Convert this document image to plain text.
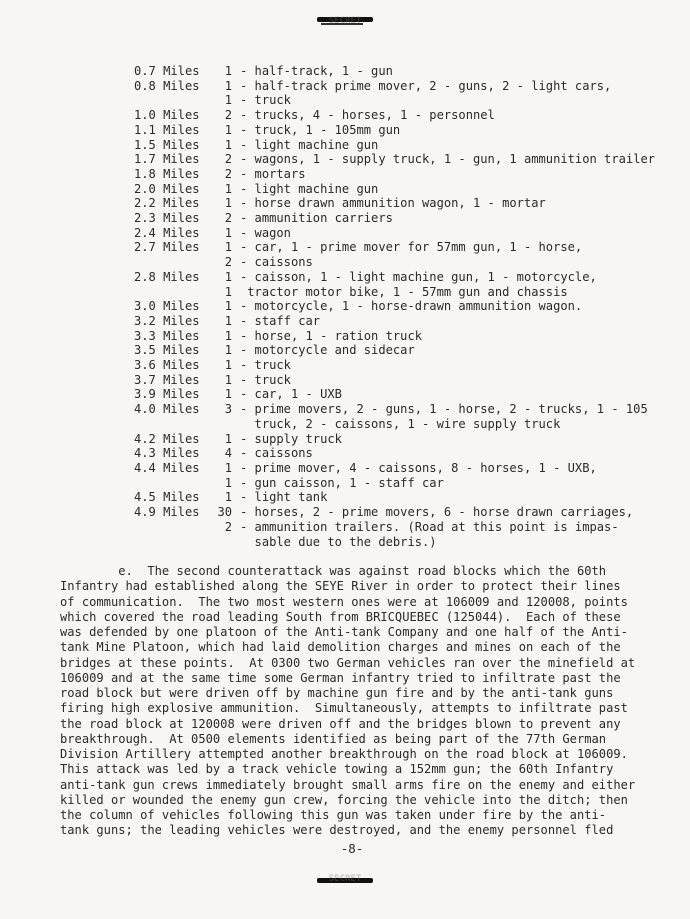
SECRET
0.7 Miles	1 - half-track, 1 - gun
0.8 Miles	1 - half-track prime mover, 2 - guns, 2 - light cars,
1 - truck
1.0 Miles	2 - trucks, 4 - horses, 1 - personnel
1.1 Miles	1 - truck, 1 - 105mm gun
1.5 Miles	1 - light machine gun
1.7 Miles	2 - wagons, 1 - supply truck, 1 - gun, 1 ammunition trailer
1.8 Miles	2 - mortars
2.0 Miles	1 - light machine gun
2.2 Miles	1 - horse drawn ammunition wagon, 1 - mortar
2.3 Miles	2 - ammunition carriers
2.4 Miles	1 - wagon
2.7 Miles	1 - car, 1 - prime mover for 57mm gun, 1 - horse,
2 - caissons
2.8 Miles	1 - caisson, 1 - light machine gun, 1 - motorcycle,
1 tractor motor bike, 1 - 57mm gun and chassis
3.0 Miles	1 - motorcycle, 1 - horse-drawn ammunition wagon.
3.2 Miles	1 - staff car
3.3 Miles	1 - horse, 1 - ration truck
3.5 Miles	1 - motorcycle and sidecar
3.6 Miles	1 - truck
3.7 Miles	1 - truck
3.9 Miles	1 - car, 1 - UXB
4.0 Miles	3 - prime movers, 2 - guns, 1 - horse, 2 - trucks, 1 - 105
truck, 2 - caissons, 1 - wire supply truck
4.2 Miles	1 - supply truck
4.3 Miles	4 - caissons
4.4 Miles	1 - prime mover, 4 - caissons, 8 - horses, 1 - UXB,
1 - gun caisson, 1 - staff car
4.5 Miles	1 - light tank
4.9 Miles	30 - horses, 2 - prime movers, 6 - horse drawn carriages,
2 - ammunition trailers. (Road at this point is impas-
sable due to the debris.)
e.  The second counterattack was against road blocks which the 60th
Infantry had established along the SEYE River in order to protect their lines
of communication.  The two most western ones were at 106009 and 120008, points
which covered the road leading South from BRICQUEBEC (125044).  Each of these
was defended by one platoon of the Anti-tank Company and one half of the Anti-
tank Mine Platoon, which had laid demolition charges and mines on each of the
bridges at these points.  At 0300 two German vehicles ran over the minefield at
106009 and at the same time some German infantry tried to infiltrate past the
road block but were driven off by machine gun fire and by the anti-tank guns
firing high explosive ammunition.  Simultaneously, attempts to infiltrate past
the road block at 120008 were driven off and the bridges blown to prevent any
breakthrough.  At 0500 elements identified as being part of the 77th German
Division Artillery attempted another breakthrough on the road block at 106009.
This attack was led by a track vehicle towing a 152mm gun; the 60th Infantry
anti-tank gun crews immediately brought small arms fire on the enemy and either
killed or wounded the enemy gun crew, forcing the vehicle into the ditch; then
the column of vehicles following this gun was taken under fire by the anti-
tank guns; the leading vehicles were destroyed, and the enemy personnel fled
-8-
SECRET
